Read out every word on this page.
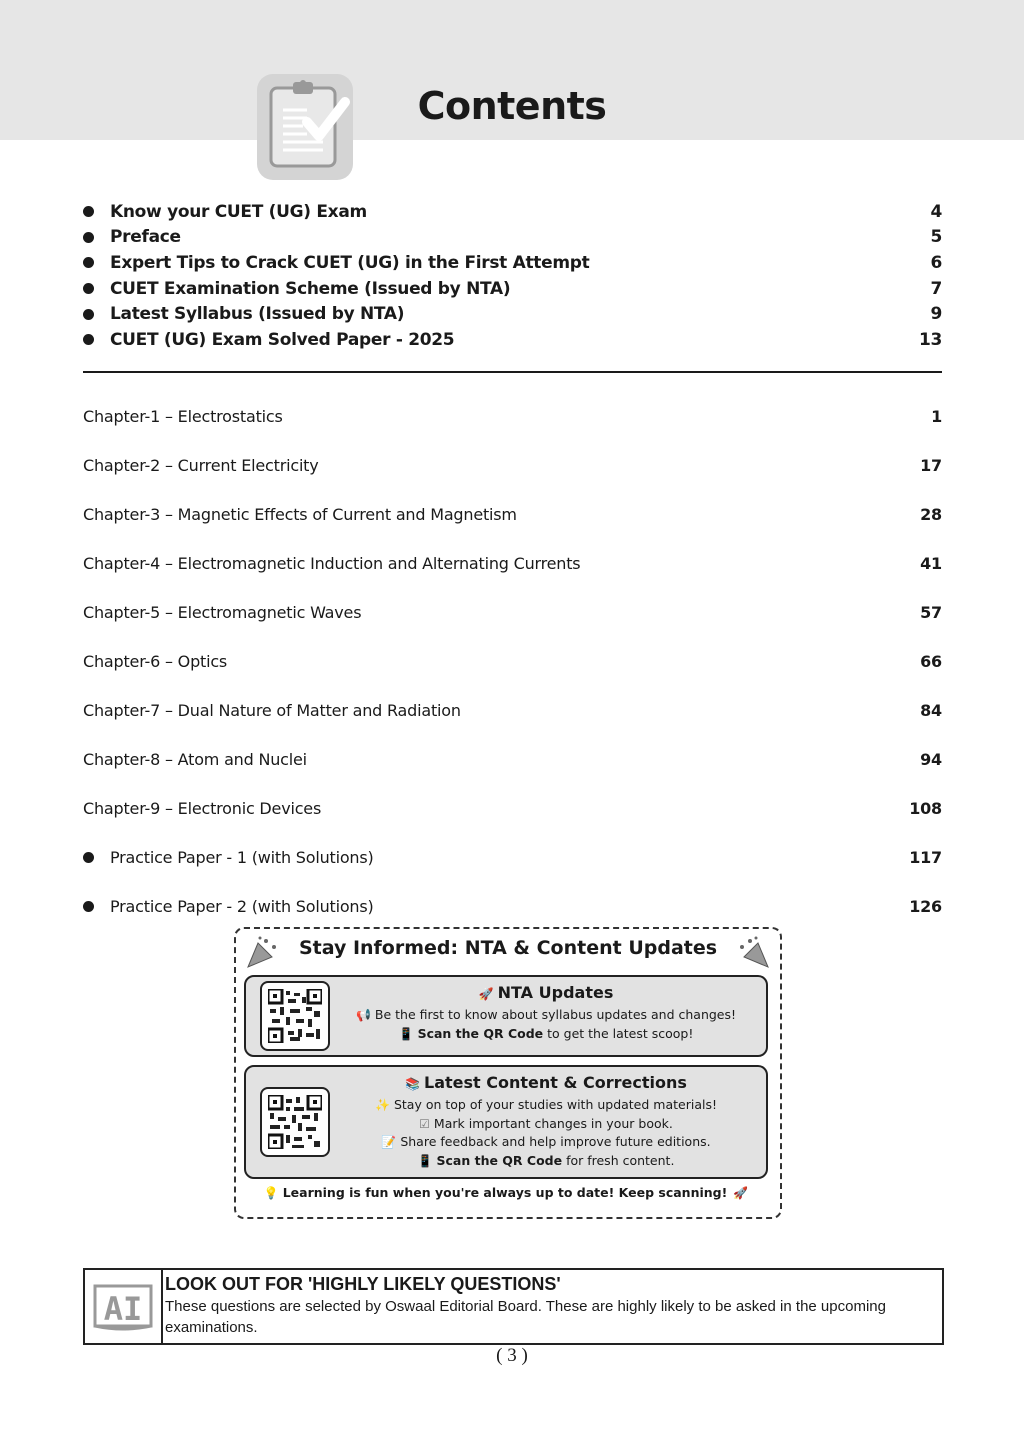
Contents
Know your CUET (UG) Exam	4
Preface	5
Expert Tips to Crack CUET (UG) in the First Attempt	6
CUET Examination Scheme (Issued by NTA)	7
Latest Syllabus (Issued by NTA)	9
CUET (UG) Exam Solved Paper - 2025	13
Chapter-1 – Electrostatics	1
Chapter-2 – Current Electricity	17
Chapter-3 – Magnetic Effects of Current and Magnetism	28
Chapter-4 – Electromagnetic Induction and Alternating Currents	41
Chapter-5 – Electromagnetic Waves	57
Chapter-6 – Optics	66
Chapter-7 – Dual Nature of Matter and Radiation	84
Chapter-8 – Atom and Nuclei	94
Chapter-9 – Electronic Devices	108
Practice Paper - 1 (with Solutions)	117
Practice Paper - 2 (with Solutions)	126
Stay Informed: NTA & Content Updates
🚀 NTA Updates
📢 Be the first to know about syllabus updates and changes!
📱 Scan the QR Code to get the latest scoop!
📚 Latest Content & Corrections
✨ Stay on top of your studies with updated materials!
☑ Mark important changes in your book.
📝 Share feedback and help improve future editions.
📱 Scan the QR Code for fresh content.
💡 Learning is fun when you're always up to date! Keep scanning! 🚀
AI
LOOK OUT FOR 'HIGHLY LIKELY QUESTIONS'
These questions are selected by Oswaal Editorial Board. These are highly likely to be asked in the upcoming examinations.
( 3 )
